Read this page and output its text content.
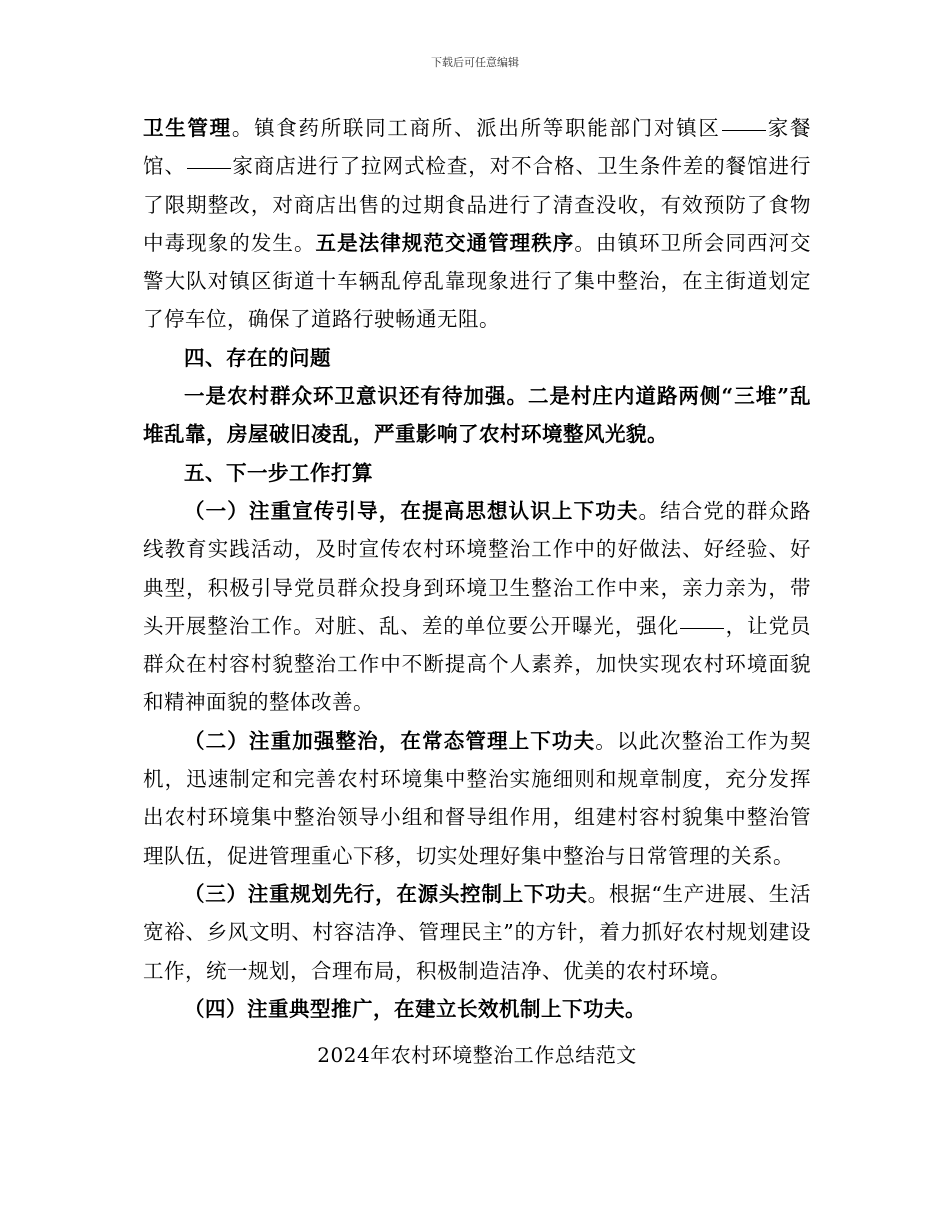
下载后可任意编辑

卫生管理。镇食药所联同工商所、派出所等职能部门对镇区 家餐馆、 家商店进行了拉网式检查，对不合格、卫生条件差的餐馆进行了限期整改，对商店出售的过期食品进行了清查没收，有效预防了食物中毒现象的发生。五是法律规范交通管理秩序。由镇环卫所会同西河交警大队对镇区街道十车辆乱停乱靠现象进行了集中整治，在主街道划定了停车位，确保了道路行驶畅通无阻。

四、存在的问题

一是农村群众环卫意识还有待加强。二是村庄内道路两侧“三堆”乱堆乱靠，房屋破旧凌乱，严重影响了农村环境整风光貌。

五、下一步工作打算

（一）注重宣传引导，在提高思想认识上下功夫。结合党的群众路线教育实践活动，及时宣传农村环境整治工作中的好做法、好经验、好典型，积极引导党员群众投身到环境卫生整治工作中来，亲力亲为，带头开展整治工作。对脏、乱、差的单位要公开曝光，强化 ，让党员群众在村容村貌整治工作中不断提高个人素养，加快实现农村环境面貌和精神面貌的整体改善。

（二）注重加强整治，在常态管理上下功夫。以此次整治工作为契机，迅速制定和完善农村环境集中整治实施细则和规章制度，充分发挥出农村环境集中整治领导小组和督导组作用，组建村容村貌集中整治管理队伍，促进管理重心下移，切实处理好集中整治与日常管理的关系。

（三）注重规划先行，在源头控制上下功夫。根据“生产进展、生活宽裕、乡风文明、村容洁净、管理民主”的方针，着力抓好农村规划建设工作，统一规划，合理布局，积极制造洁净、优美的农村环境。

（四）注重典型推广，在建立长效机制上下功夫。

2024年农村环境整治工作总结范文
